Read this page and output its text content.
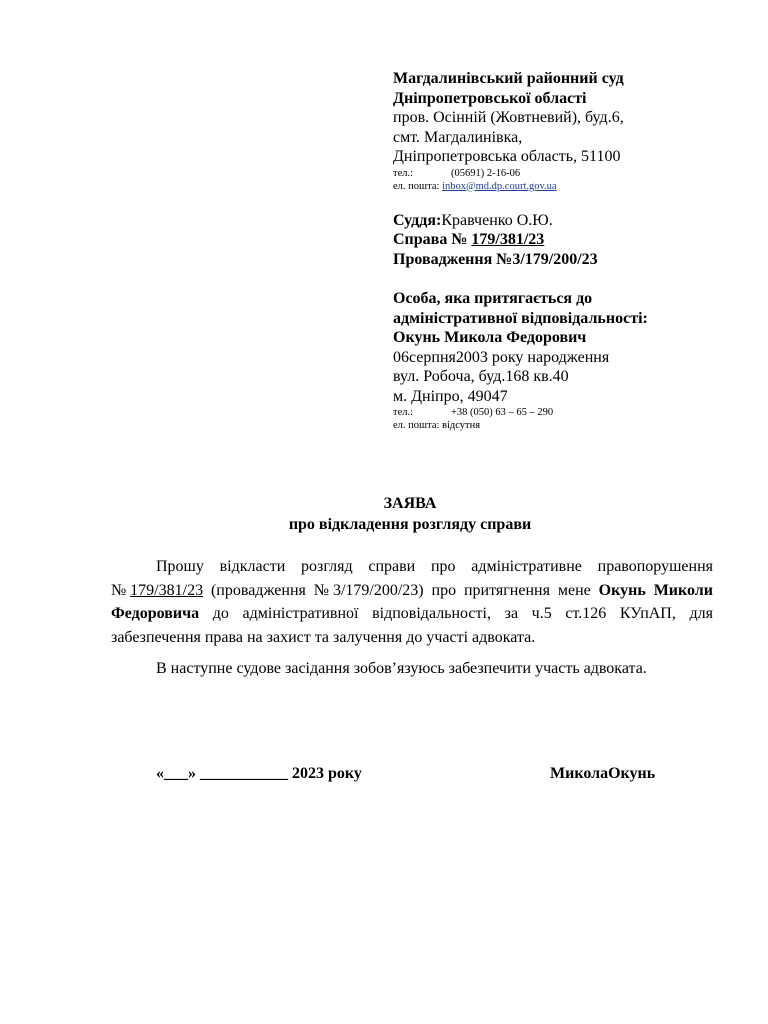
Магдалинівський районний суд
Дніпропетровської області
пров. Осінній (Жовтневий), буд.6,
смт. Магдалинівка,
Дніпропетровська область, 51100
тел.:	(05691) 2-16-06
ел. пошта: inbox@md.dp.court.gov.ua
Суддя:Кравченко О.Ю.
Справа № 179/381/23
Провадження №3/179/200/23
Особа, яка притягається до
адміністративної відповідальності:
Окунь Микола Федорович
06серпня2003 року народження
вул. Робоча, буд.168 кв.40
м. Дніпро, 49047
тел.:	+38 (050) 63 – 65 – 290
ел. пошта: відсутня
ЗАЯВА
про відкладення розгляду справи

Прошу відкласти розгляд справи про адміністративне правопорушення №179/381/23 (провадження №3/179/200/23) про притягнення мене Окунь Миколи Федоровича до адміністративної відповідальності, за ч.5 ст.126 КУпАП, для забезпечення права на захист та залучення до участі адвоката.

В наступне судове засідання зобов’язуюсь забезпечити участь адвоката.

«___» ___________ 2023 року	МиколаОкунь
